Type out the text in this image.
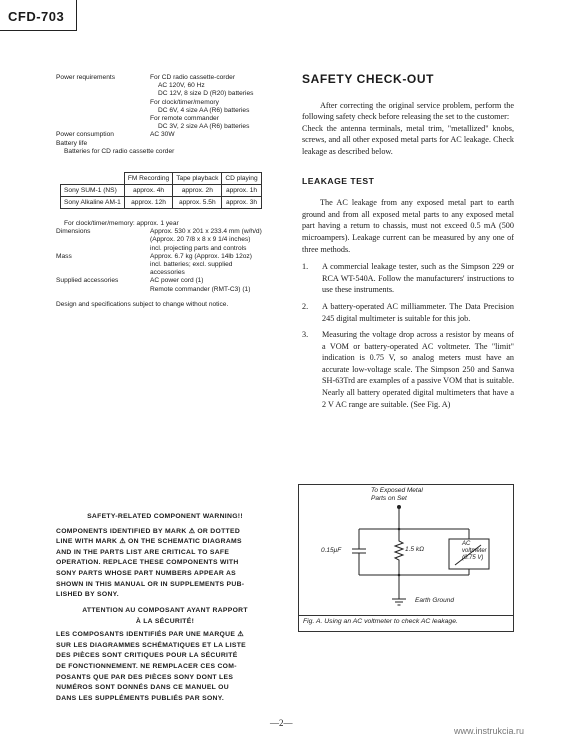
CFD-703
Power requirements	For CD radio cassette-corder
AC 120V, 60 Hz
DC 12V, 8 size D (R20) batteries
For clock/timer/memory
DC 6V, 4 size AA (R6) batteries
For remote commander
DC 3V, 2 size AA (R6) batteries
Power consumption	AC 30W
Battery life
Batteries for CD radio cassette corder
	FM Recording	Tape playback	CD playing
Sony SUM-1 (NS)	approx. 4h	approx. 2h	approx. 1h
Sony Alkaline AM-1	approx. 12h	approx. 5.5h	approx. 3h
For clock/timer/memory: approx. 1 year
Dimensions	Approx. 530 x 201 x 233.4 mm (w/h/d)
(Approx. 20 7/8 x 8 x 9 1/4 inches)
incl. projecting parts and controls
Mass	Approx. 6.7 kg (Approx. 14lb 12oz)
incl. batteries; excl. supplied
accessories
Supplied accessories	AC power cord (1)
Remote commander (RMT-C3) (1)
Design and specifications subject to change without notice.
SAFETY-RELATED COMPONENT WARNING!!
COMPONENTS IDENTIFIED BY MARK ⚠ OR DOTTED
LINE WITH MARK ⚠ ON THE SCHEMATIC DIAGRAMS
AND IN THE PARTS LIST ARE CRITICAL TO SAFE
OPERATION. REPLACE THESE COMPONENTS WITH
SONY PARTS WHOSE PART NUMBERS APPEAR AS
SHOWN IN THIS MANUAL OR IN SUPPLEMENTS PUB-
LISHED BY SONY.
ATTENTION AU COMPOSANT AYANT RAPPORT
À LA SÉCURITÉ!
LES COMPOSANTS IDENTIFIÉS PAR UNE MARQUE ⚠
SUR LES DIAGRAMMES SCHÉMATIQUES ET LA LISTE
DES PIÈCES SONT CRITIQUES POUR LA SÉCURITÉ
DE FONCTIONNEMENT. NE REMPLACER CES COM-
POSANTS QUE PAR DES PIÈCES SONY DONT LES
NUMÉROS SONT DONNÉS DANS CE MANUEL OU
DANS LES SUPPLÉMENTS PUBLIÉS PAR SONY.
SAFETY CHECK-OUT
After correcting the original service problem, perform the following safety check before releasing the set to the customer:
Check the antenna terminals, metal trim, "metallized" knobs, screws, and all other exposed metal parts for AC leakage. Check leakage as described below.
LEAKAGE TEST
The AC leakage from any exposed metal part to earth ground and from all exposed metal parts to any exposed metal part having a return to chassis, must not exceed 0.5 mA (500 microampers). Leakage current can be measured by any one of three methods.
1.	A commercial leakage tester, such as the Simpson 229 or RCA WT-540A. Follow the manufacturers' instructions to use these instruments.
2.	A battery-operated AC milliammeter. The Data Precision 245 digital multimeter is suitable for this job.
3.	Measuring the voltage drop across a resistor by means of a VOM or battery-operated AC voltmeter. The "limit" indication is 0.75 V, so analog meters must have an accurate low-voltage scale. The Simpson 250 and Sanwa SH-63Trd are examples of a passive VOM that is suitable. Nearly all battery operated digital multimeters that have a 2 V AC range are suitable. (See Fig. A)
To Exposed Metal
Parts on Set
0.15μF	1.5 kΩ
AC
voltmeter
(0.75 V)
Earth Ground
Fig. A. Using an AC voltmeter to check AC leakage.
—2—
www.instrukcia.ru
